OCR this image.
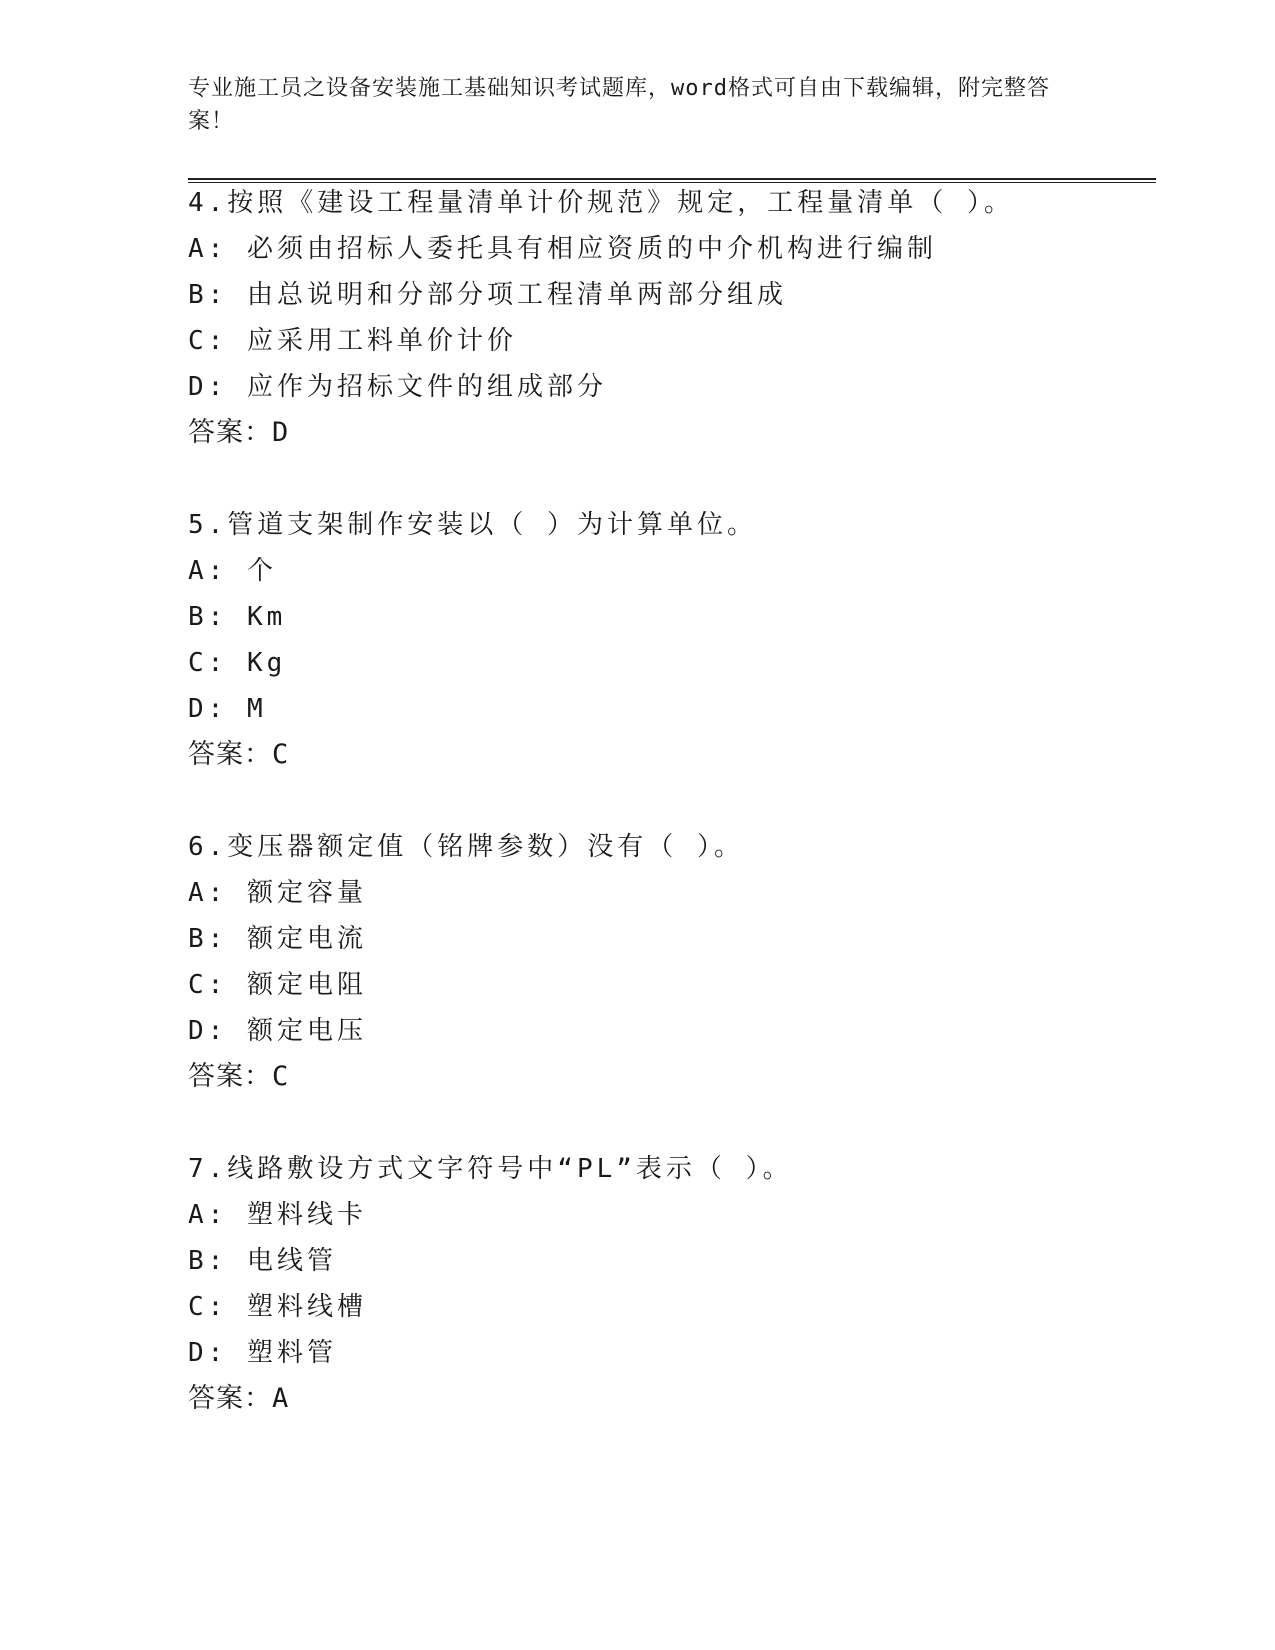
专业施工员之设备安装施工基础知识考试题库，word格式可自由下载编辑，附完整答案！
4.按照《建设工程量清单计价规范》规定，工程量清单（ ）。
A: 必须由招标人委托具有相应资质的中介机构进行编制
B: 由总说明和分部分项工程清单两部分组成
C: 应采用工料单价计价
D: 应作为招标文件的组成部分
答案：D
5.管道支架制作安装以（ ）为计算单位。
A: 个
B: Km
C: Kg
D: M
答案：C
6.变压器额定值（铭牌参数）没有（ ）。
A: 额定容量
B: 额定电流
C: 额定电阻
D: 额定电压
答案：C
7.线路敷设方式文字符号中“PL”表示（ ）。
A: 塑料线卡
B: 电线管
C: 塑料线槽
D: 塑料管
答案：A
